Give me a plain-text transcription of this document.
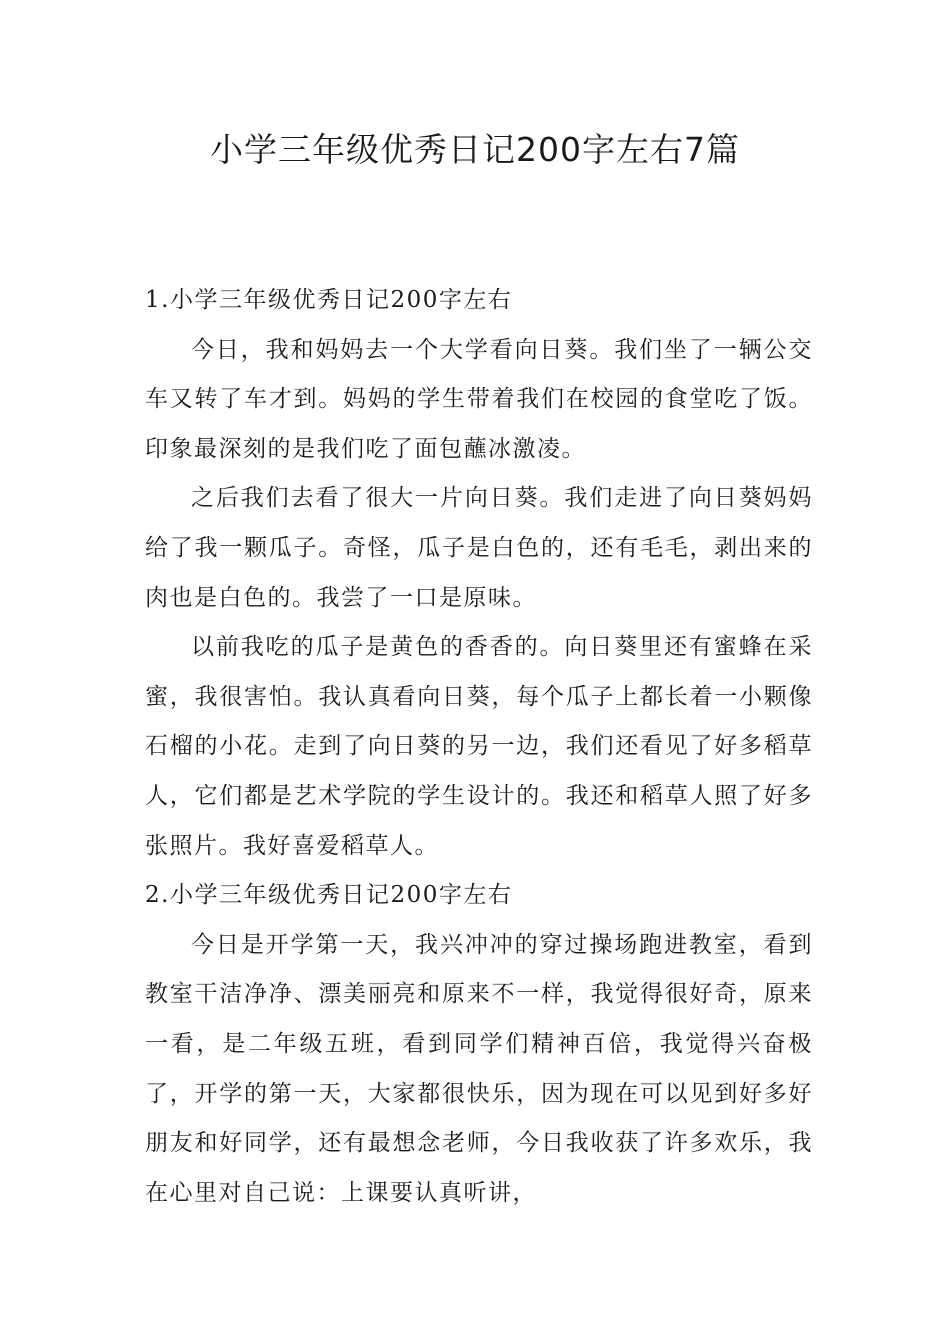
小学三年级优秀日记200字左右7篇

1.小学三年级优秀日记200字左右

今日，我和妈妈去一个大学看向日葵。我们坐了一辆公交车又转了车才到。妈妈的学生带着我们在校园的食堂吃了饭。印象最深刻的是我们吃了面包蘸冰激凌。

之后我们去看了很大一片向日葵。我们走进了向日葵妈妈给了我一颗瓜子。奇怪，瓜子是白色的，还有毛毛，剥出来的肉也是白色的。我尝了一口是原味。

以前我吃的瓜子是黄色的香香的。向日葵里还有蜜蜂在采蜜，我很害怕。我认真看向日葵，每个瓜子上都长着一小颗像石榴的小花。走到了向日葵的另一边，我们还看见了好多稻草人，它们都是艺术学院的学生设计的。我还和稻草人照了好多张照片。我好喜爱稻草人。

2.小学三年级优秀日记200字左右

今日是开学第一天，我兴冲冲的穿过操场跑进教室，看到教室干洁净净、漂美丽亮和原来不一样，我觉得很好奇，原来一看，是二年级五班，看到同学们精神百倍，我觉得兴奋极了，开学的第一天，大家都很快乐，因为现在可以见到好多好朋友和好同学，还有最想念老师，今日我收获了许多欢乐，我在心里对自己说：上课要认真听讲，
